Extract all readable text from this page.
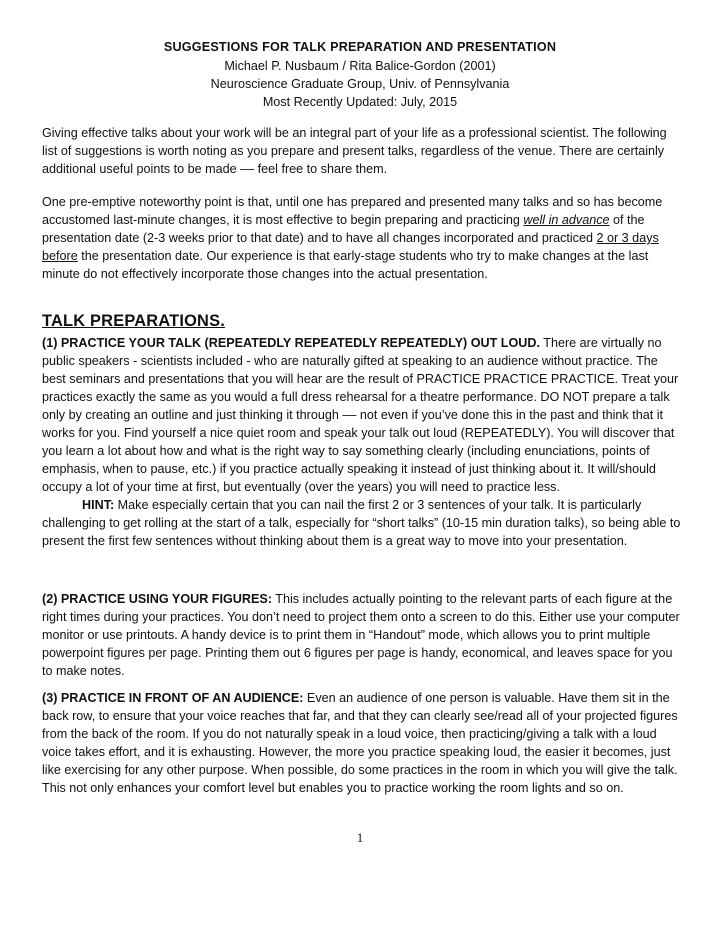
SUGGESTIONS FOR TALK PREPARATION AND PRESENTATION
Michael P. Nusbaum / Rita Balice-Gordon (2001)
Neuroscience Graduate Group, Univ. of Pennsylvania
Most Recently Updated: July, 2015

Giving effective talks about your work will be an integral part of your life as a professional scientist. The following list of suggestions is worth noting as you prepare and present talks, regardless of the venue. There are certainly additional useful points to be made –– feel free to share them.

One pre-emptive noteworthy point is that, until one has prepared and presented many talks and so has become accustomed last-minute changes, it is most effective to begin preparing and practicing well in advance of the presentation date (2-3 weeks prior to that date) and to have all changes incorporated and practiced 2 or 3 days before the presentation date. Our experience is that early-stage students who try to make changes at the last minute do not effectively incorporate those changes into the actual presentation.

TALK PREPARATIONS.

(1) PRACTICE YOUR TALK (REPEATEDLY REPEATEDLY REPEATEDLY) OUT LOUD. There are virtually no public speakers - scientists included - who are naturally gifted at speaking to an audience without practice. The best seminars and presentations that you will hear are the result of PRACTICE PRACTICE PRACTICE. Treat your practices exactly the same as you would a full dress rehearsal for a theatre performance. DO NOT prepare a talk only by creating an outline and just thinking it through –– not even if you’ve done this in the past and think that it works for you. Find yourself a nice quiet room and speak your talk out loud (REPEATEDLY). You will discover that you learn a lot about how and what is the right way to say something clearly (including enunciations, points of emphasis, when to pause, etc.) if you practice actually speaking it instead of just thinking about it. It will/should occupy a lot of your time at first, but eventually (over the years) you will need to practice less.

HINT: Make especially certain that you can nail the first 2 or 3 sentences of your talk. It is particularly challenging to get rolling at the start of a talk, especially for “short talks” (10-15 min duration talks), so being able to present the first few sentences without thinking about them is a great way to move into your presentation.

(2) PRACTICE USING YOUR FIGURES: This includes actually pointing to the relevant parts of each figure at the right times during your practices. You don’t need to project them onto a screen to do this. Either use your computer monitor or use printouts. A handy device is to print them in “Handout” mode, which allows you to print multiple powerpoint figures per page. Printing them out 6 figures per page is handy, economical, and leaves space for you to make notes.

(3) PRACTICE IN FRONT OF AN AUDIENCE: Even an audience of one person is valuable. Have them sit in the back row, to ensure that your voice reaches that far, and that they can clearly see/read all of your projected figures from the back of the room. If you do not naturally speak in a loud voice, then practicing/giving a talk with a loud voice takes effort, and it is exhausting. However, the more you practice speaking loud, the easier it becomes, just like exercising for any other purpose. When possible, do some practices in the room in which you will give the talk. This not only enhances your comfort level but enables you to practice working the room lights and so on.

1
